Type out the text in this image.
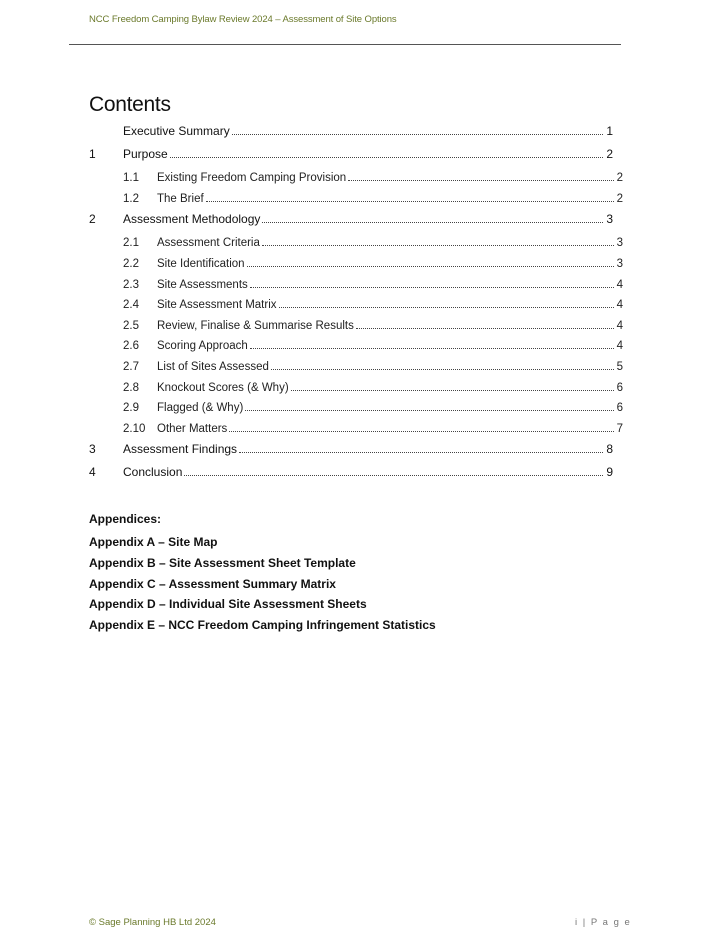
NCC Freedom Camping Bylaw Review 2024 – Assessment of Site Options
Contents
Executive Summary	1
1	Purpose	2
1.1	Existing Freedom Camping Provision	2
1.2	The Brief	2
2	Assessment Methodology	3
2.1	Assessment Criteria	3
2.2	Site Identification	3
2.3	Site Assessments	4
2.4	Site Assessment Matrix	4
2.5	Review, Finalise & Summarise Results	4
2.6	Scoring Approach	4
2.7	List of Sites Assessed	5
2.8	Knockout Scores (& Why)	6
2.9	Flagged (& Why)	6
2.10	Other Matters	7
3	Assessment Findings	8
4	Conclusion	9
Appendices:
Appendix A – Site Map
Appendix B – Site Assessment Sheet Template
Appendix C – Assessment Summary Matrix
Appendix D – Individual Site Assessment Sheets
Appendix E – NCC Freedom Camping Infringement Statistics
© Sage Planning HB Ltd 2024	i | P a g e
